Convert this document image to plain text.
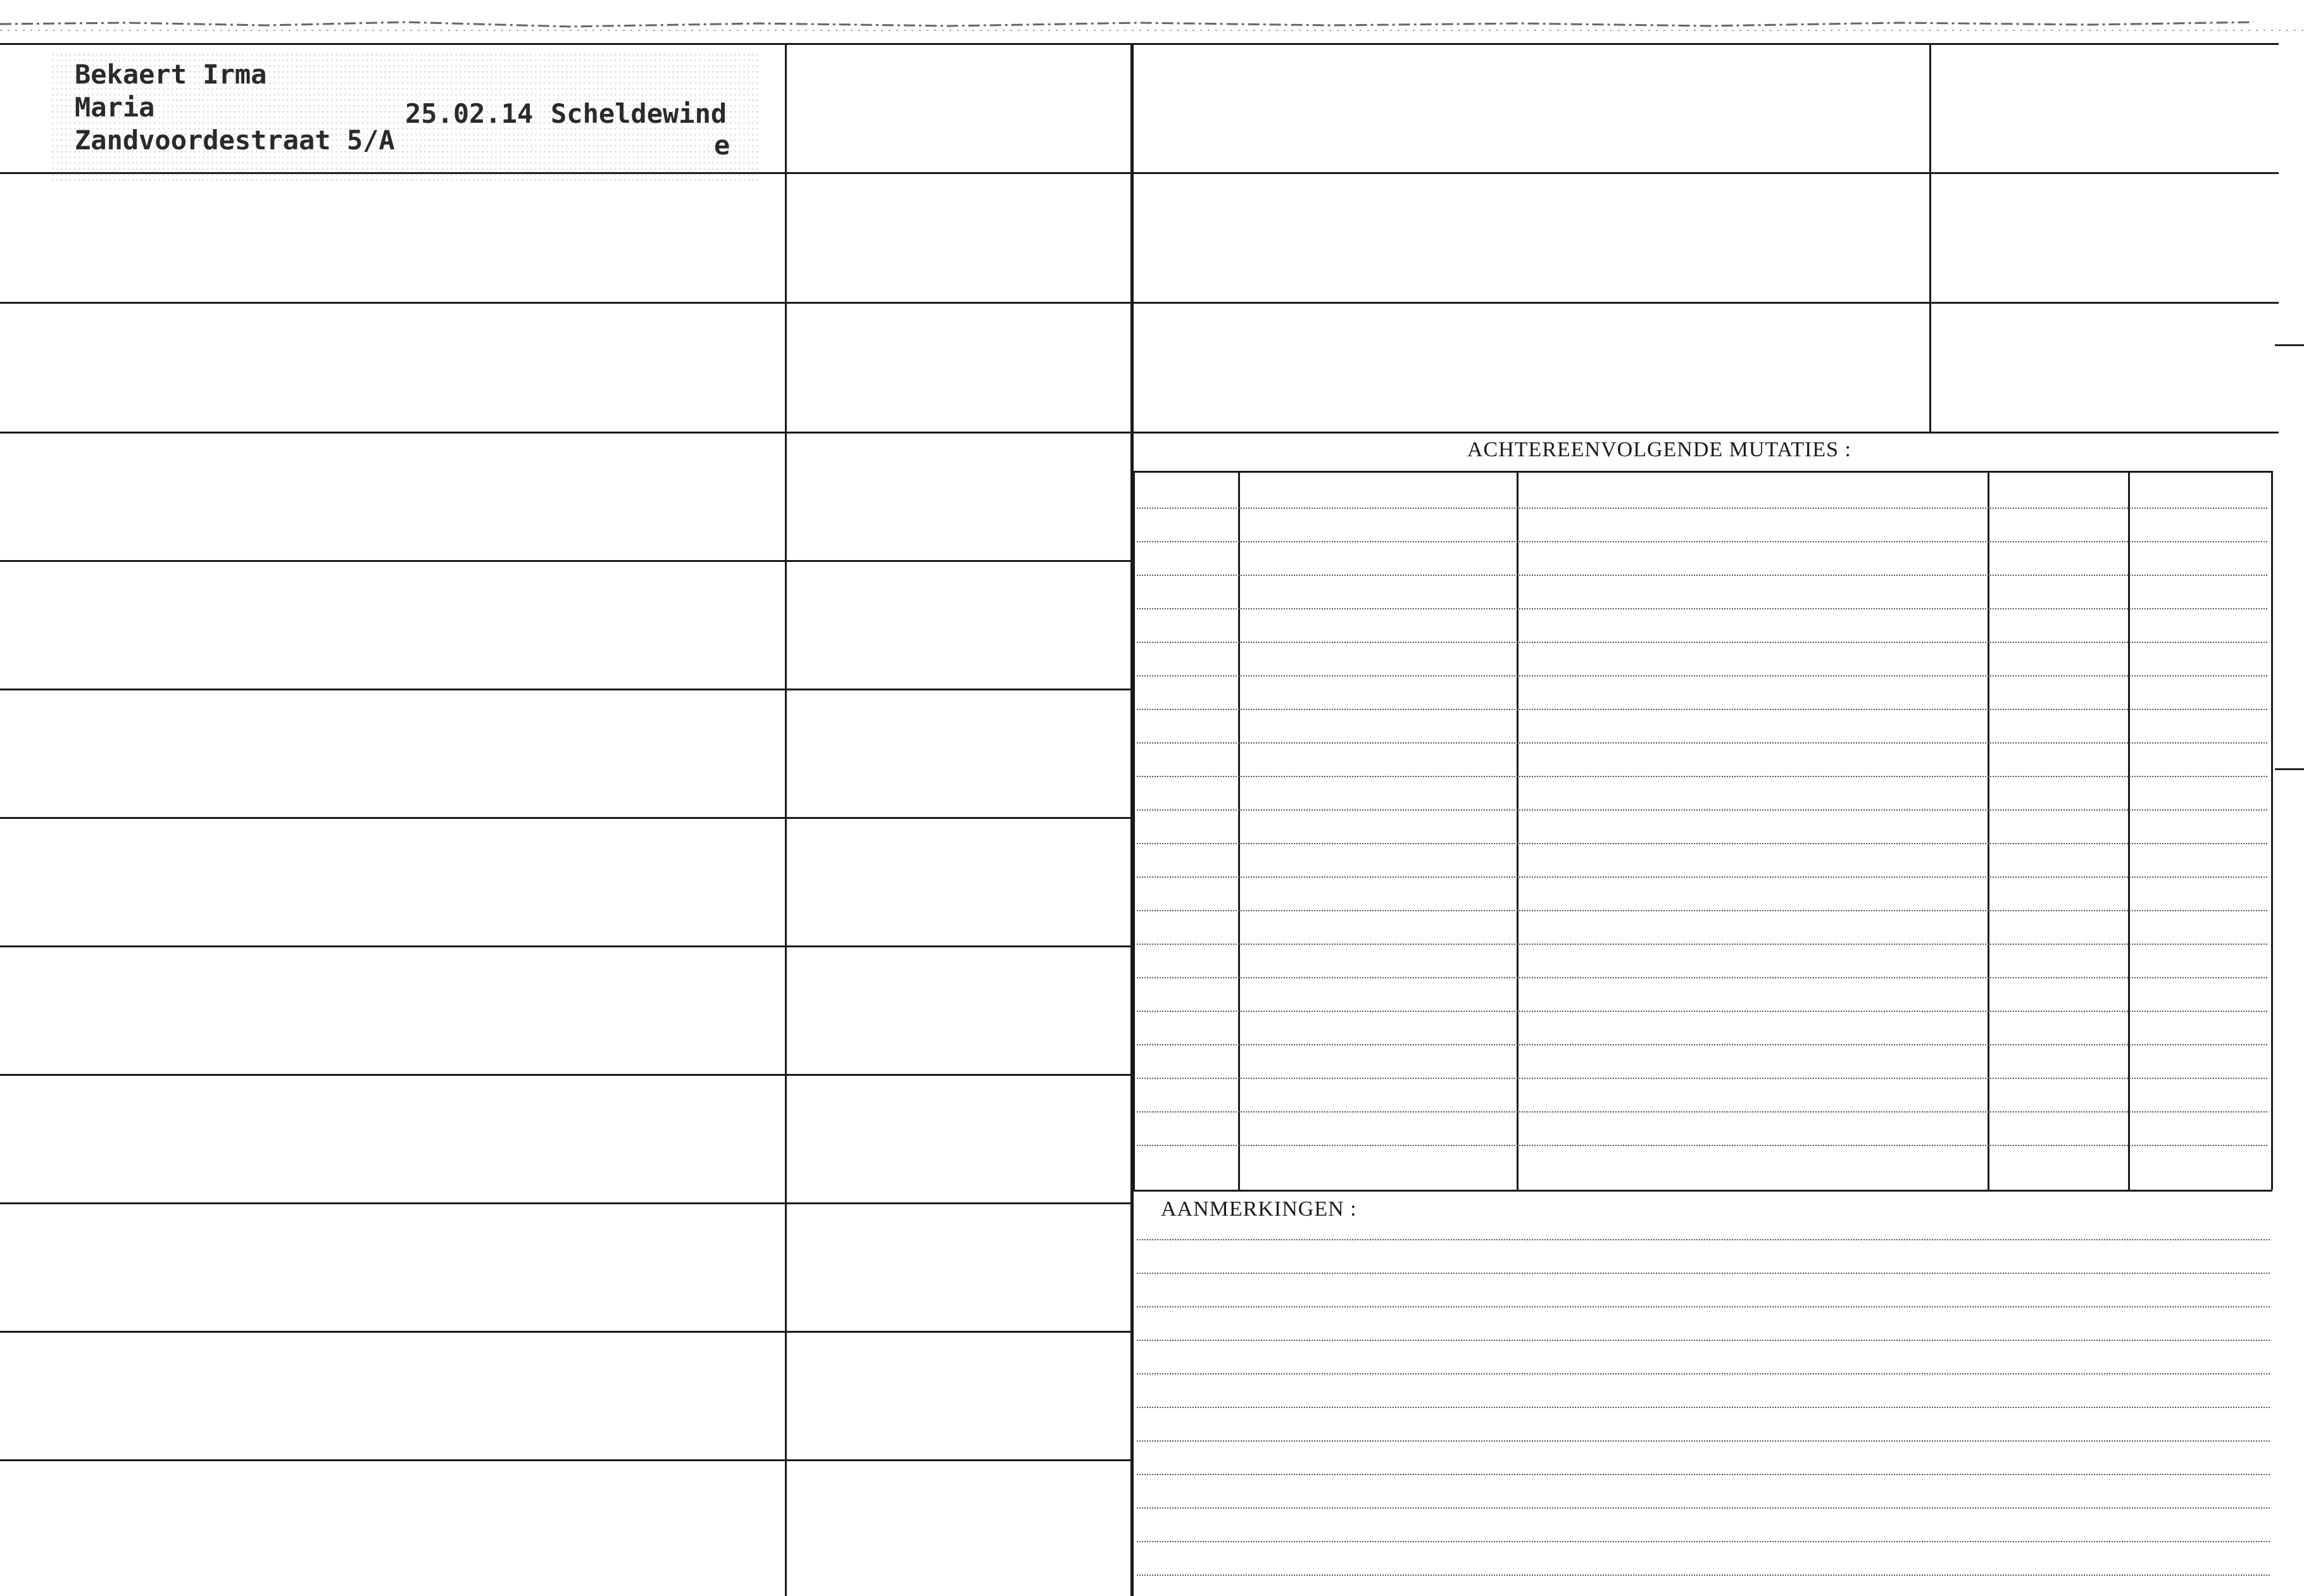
Bekaert Irma
Maria
Zandvoordestraat 5/A
25.02.14 Scheldewind
e
ACHTEREENVOLGENDE MUTATIES :
AANMERKINGEN :
